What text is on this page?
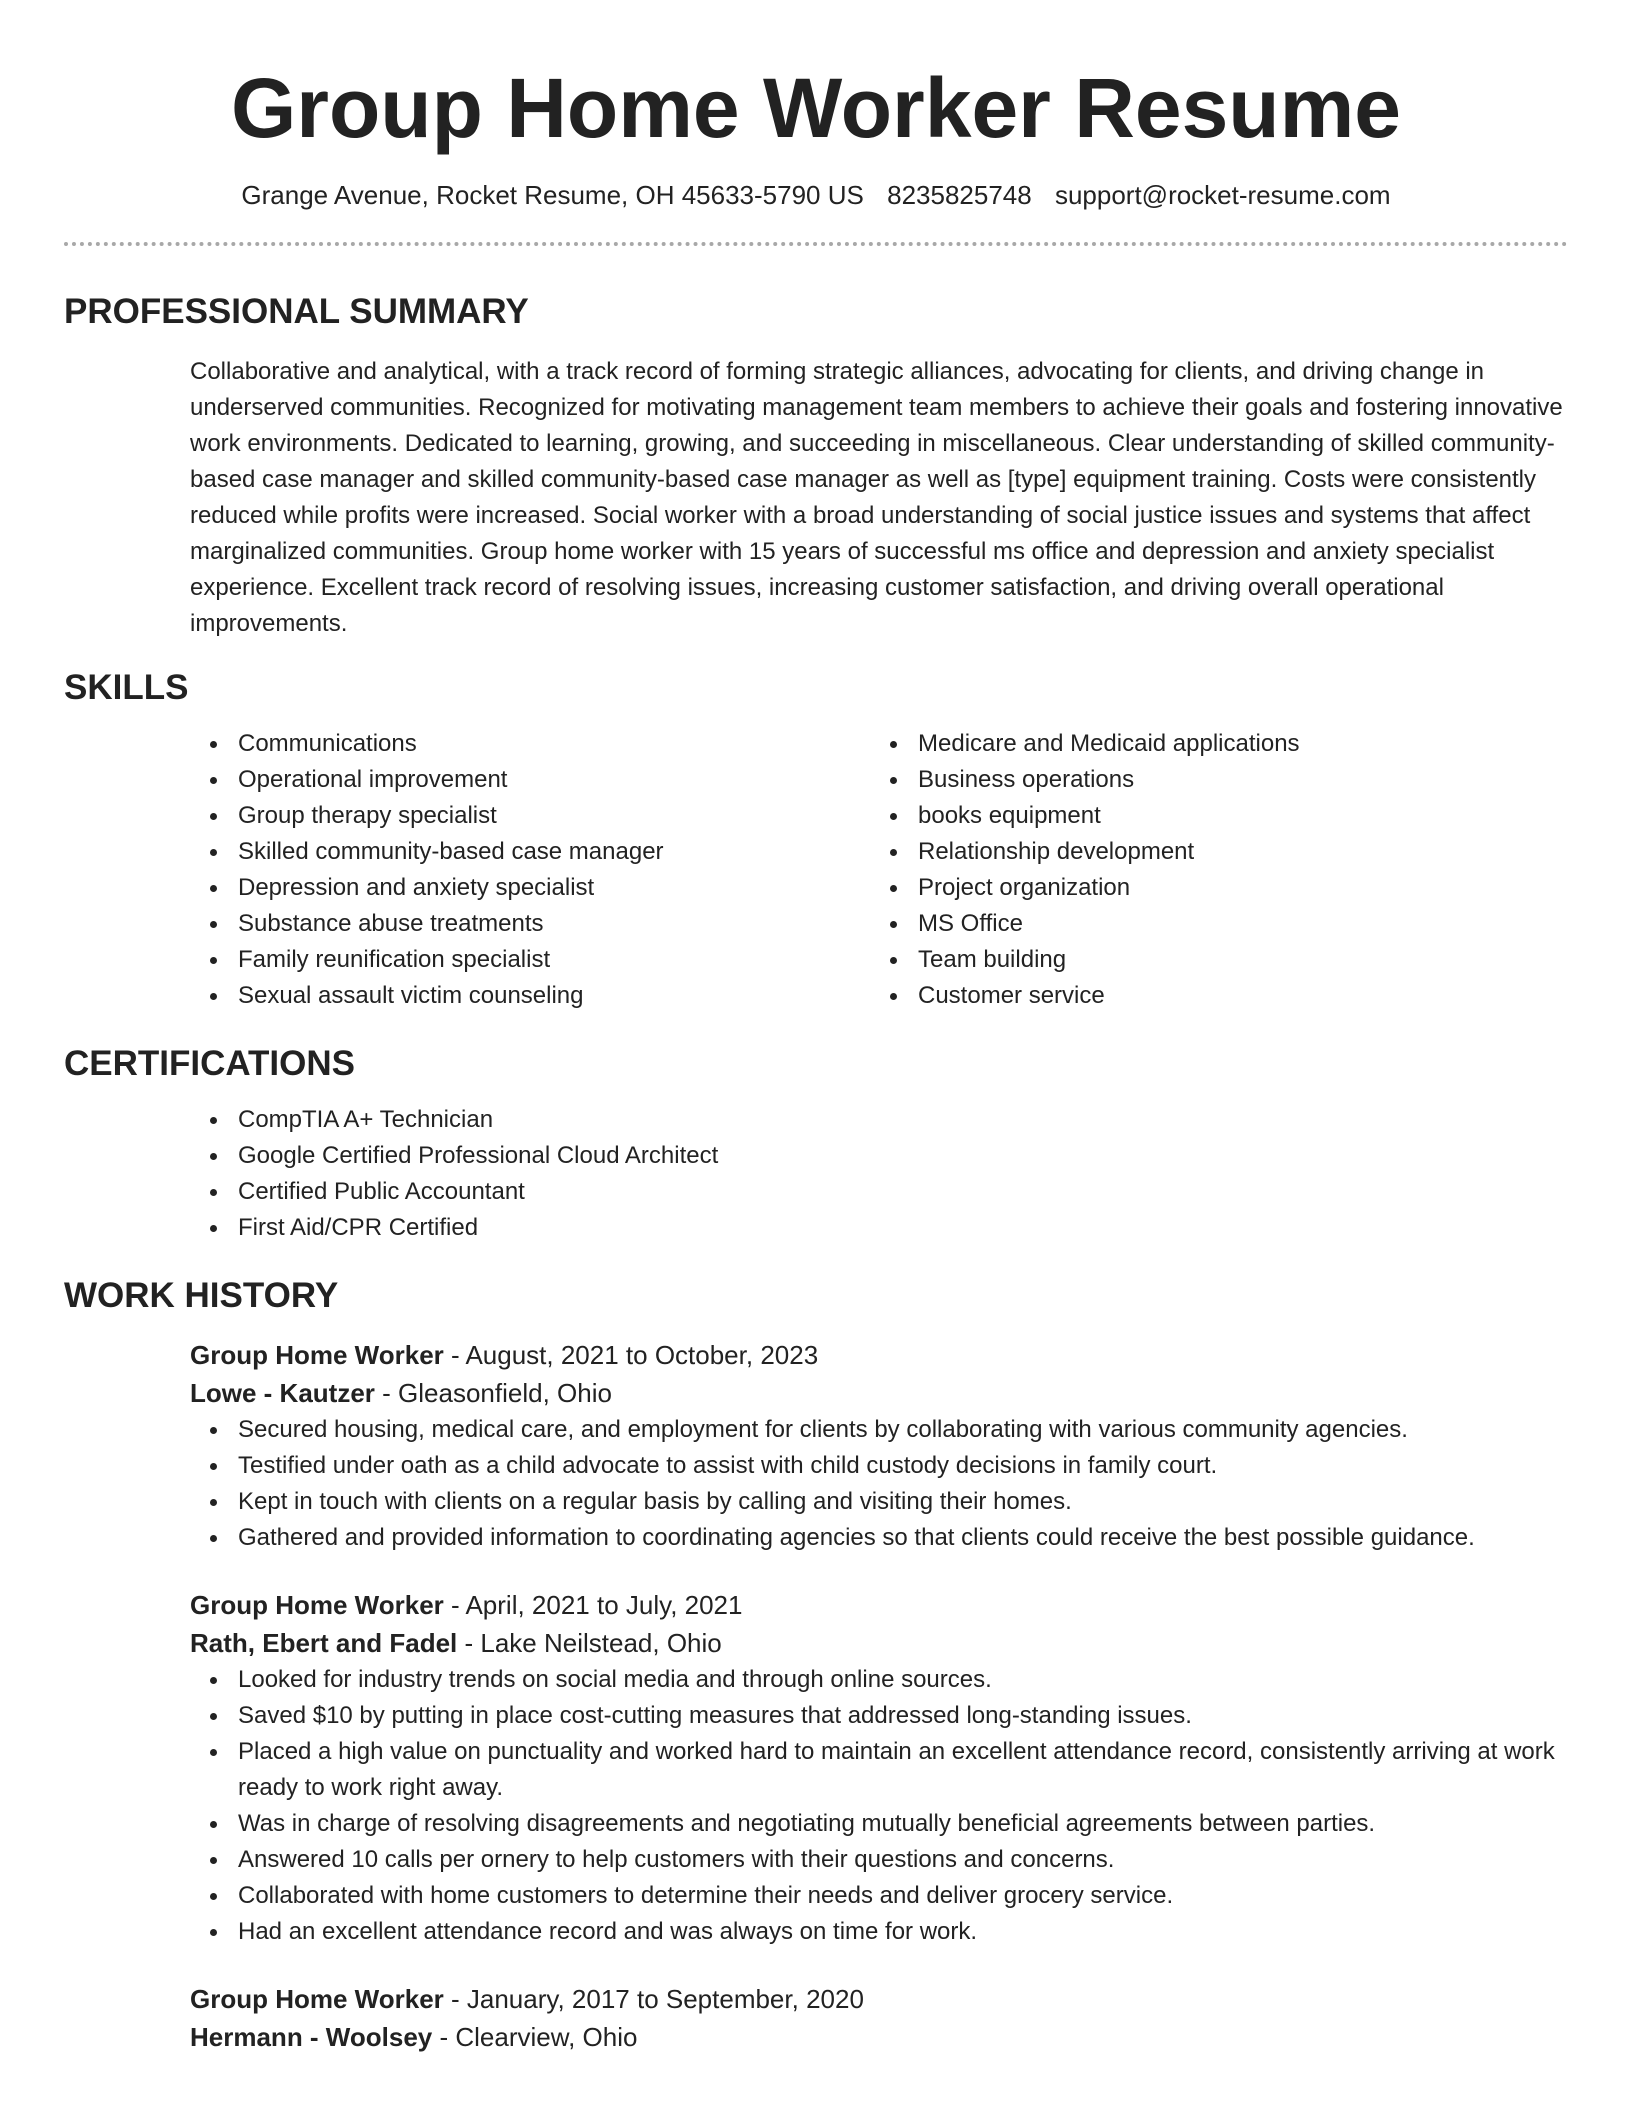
Group Home Worker Resume
Grange Avenue, Rocket Resume, OH 45633-5790 US 8235825748 support@rocket-resume.com
PROFESSIONAL SUMMARY

Collaborative and analytical, with a track record of forming strategic alliances, advocating for clients, and driving change in underserved communities. Recognized for motivating management team members to achieve their goals and fostering innovative work environments. Dedicated to learning, growing, and succeeding in miscellaneous. Clear understanding of skilled community-based case manager and skilled community-based case manager as well as [type] equipment training. Costs were consistently reduced while profits were increased. Social worker with a broad understanding of social justice issues and systems that affect marginalized communities. Group home worker with 15 years of successful ms office and depression and anxiety specialist experience. Excellent track record of resolving issues, increasing customer satisfaction, and driving overall operational improvements.

SKILLS
Communications
Operational improvement
Group therapy specialist
Skilled community-based case manager
Depression and anxiety specialist
Substance abuse treatments
Family reunification specialist
Sexual assault victim counseling
Medicare and Medicaid applications
Business operations
books equipment
Relationship development
Project organization
MS Office
Team building
Customer service
CERTIFICATIONS
CompTIA A+ Technician
Google Certified Professional Cloud Architect
Certified Public Accountant
First Aid/CPR Certified
WORK HISTORY
Group Home Worker - August, 2021 to October, 2023
Lowe - Kautzer - Gleasonfield, Ohio
Secured housing, medical care, and employment for clients by collaborating with various community agencies.
Testified under oath as a child advocate to assist with child custody decisions in family court.
Kept in touch with clients on a regular basis by calling and visiting their homes.
Gathered and provided information to coordinating agencies so that clients could receive the best possible guidance.
Group Home Worker - April, 2021 to July, 2021
Rath, Ebert and Fadel - Lake Neilstead, Ohio
Looked for industry trends on social media and through online sources.
Saved $10 by putting in place cost-cutting measures that addressed long-standing issues.
Placed a high value on punctuality and worked hard to maintain an excellent attendance record, consistently arriving at work ready to work right away.
Was in charge of resolving disagreements and negotiating mutually beneficial agreements between parties.
Answered 10 calls per ornery to help customers with their questions and concerns.
Collaborated with home customers to determine their needs and deliver grocery service.
Had an excellent attendance record and was always on time for work.
Group Home Worker - January, 2017 to September, 2020
Hermann - Woolsey - Clearview, Ohio
